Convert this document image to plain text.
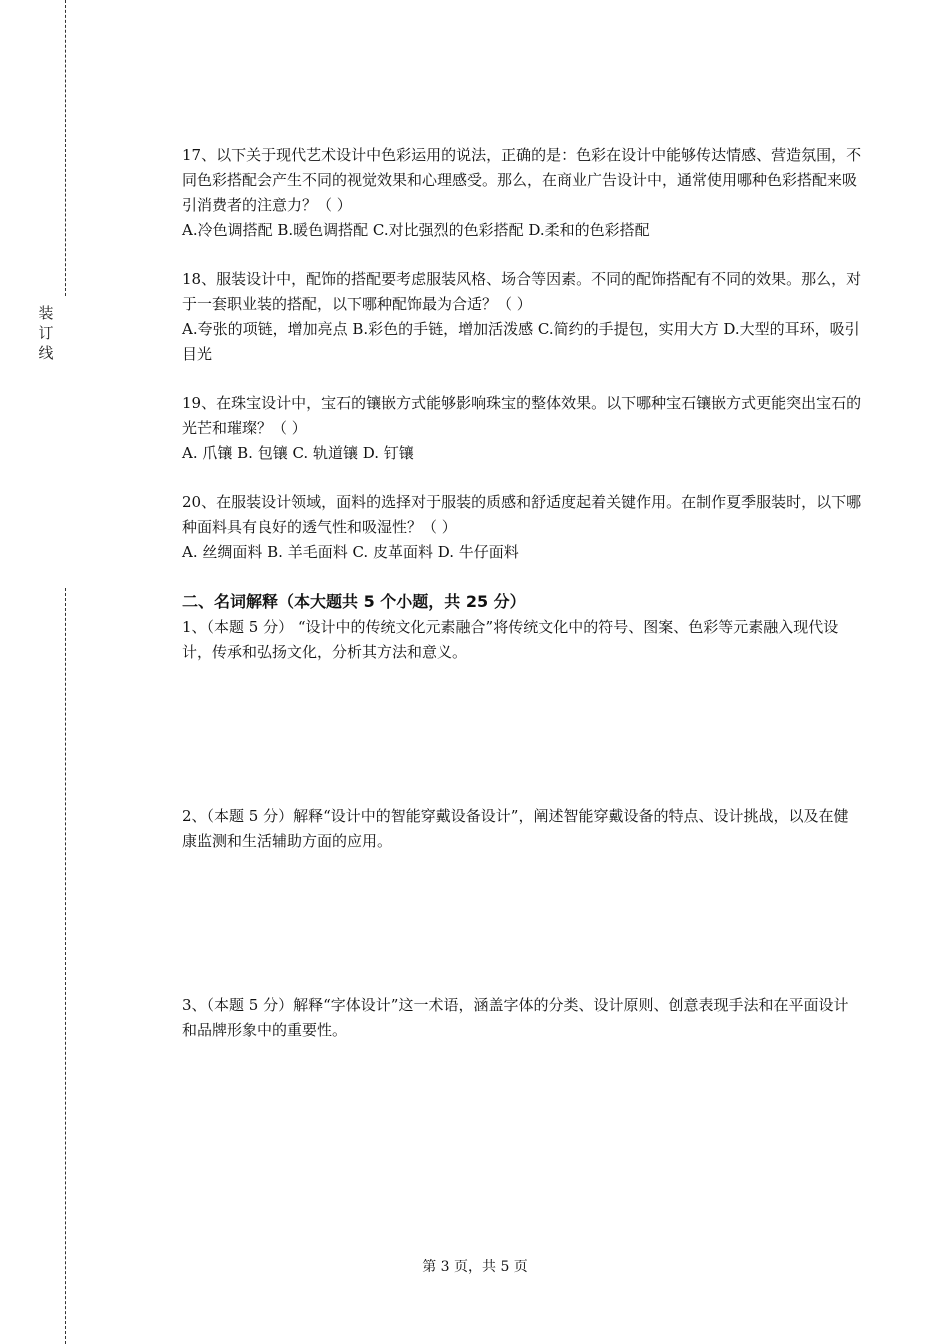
装
订
线

17、以下关于现代艺术设计中色彩运用的说法，正确的是：色彩在设计中能够传达情感、营造氛围，不同色彩搭配会产生不同的视觉效果和心理感受。那么，在商业广告设计中，通常使用哪种色彩搭配来吸引消费者的注意力？（ ）

A.冷色调搭配 B.暖色调搭配 C.对比强烈的色彩搭配 D.柔和的色彩搭配

18、服装设计中，配饰的搭配要考虑服装风格、场合等因素。不同的配饰搭配有不同的效果。那么，对于一套职业装的搭配，以下哪种配饰最为合适？（ ）

A.夸张的项链，增加亮点 B.彩色的手链，增加活泼感 C.简约的手提包，实用大方 D.大型的耳环，吸引目光

19、在珠宝设计中，宝石的镶嵌方式能够影响珠宝的整体效果。以下哪种宝石镶嵌方式更能突出宝石的光芒和璀璨？（ ）

A. 爪镶 B. 包镶 C. 轨道镶 D. 钉镶

20、在服装设计领域，面料的选择对于服装的质感和舒适度起着关键作用。在制作夏季服装时，以下哪种面料具有良好的透气性和吸湿性？（ ）

A. 丝绸面料 B. 羊毛面料 C. 皮革面料 D. 牛仔面料

二、名词解释（本大题共 5 个小题，共 25 分）

1、（本题 5 分） “设计中的传统文化元素融合”将传统文化中的符号、图案、色彩等元素融入现代设计，传承和弘扬文化，分析其方法和意义。

2、（本题 5 分）解释“设计中的智能穿戴设备设计”，阐述智能穿戴设备的特点、设计挑战，以及在健康监测和生活辅助方面的应用。

3、（本题 5 分）解释“字体设计”这一术语，涵盖字体的分类、设计原则、创意表现手法和在平面设计和品牌形象中的重要性。

第 3 页，共 5 页
